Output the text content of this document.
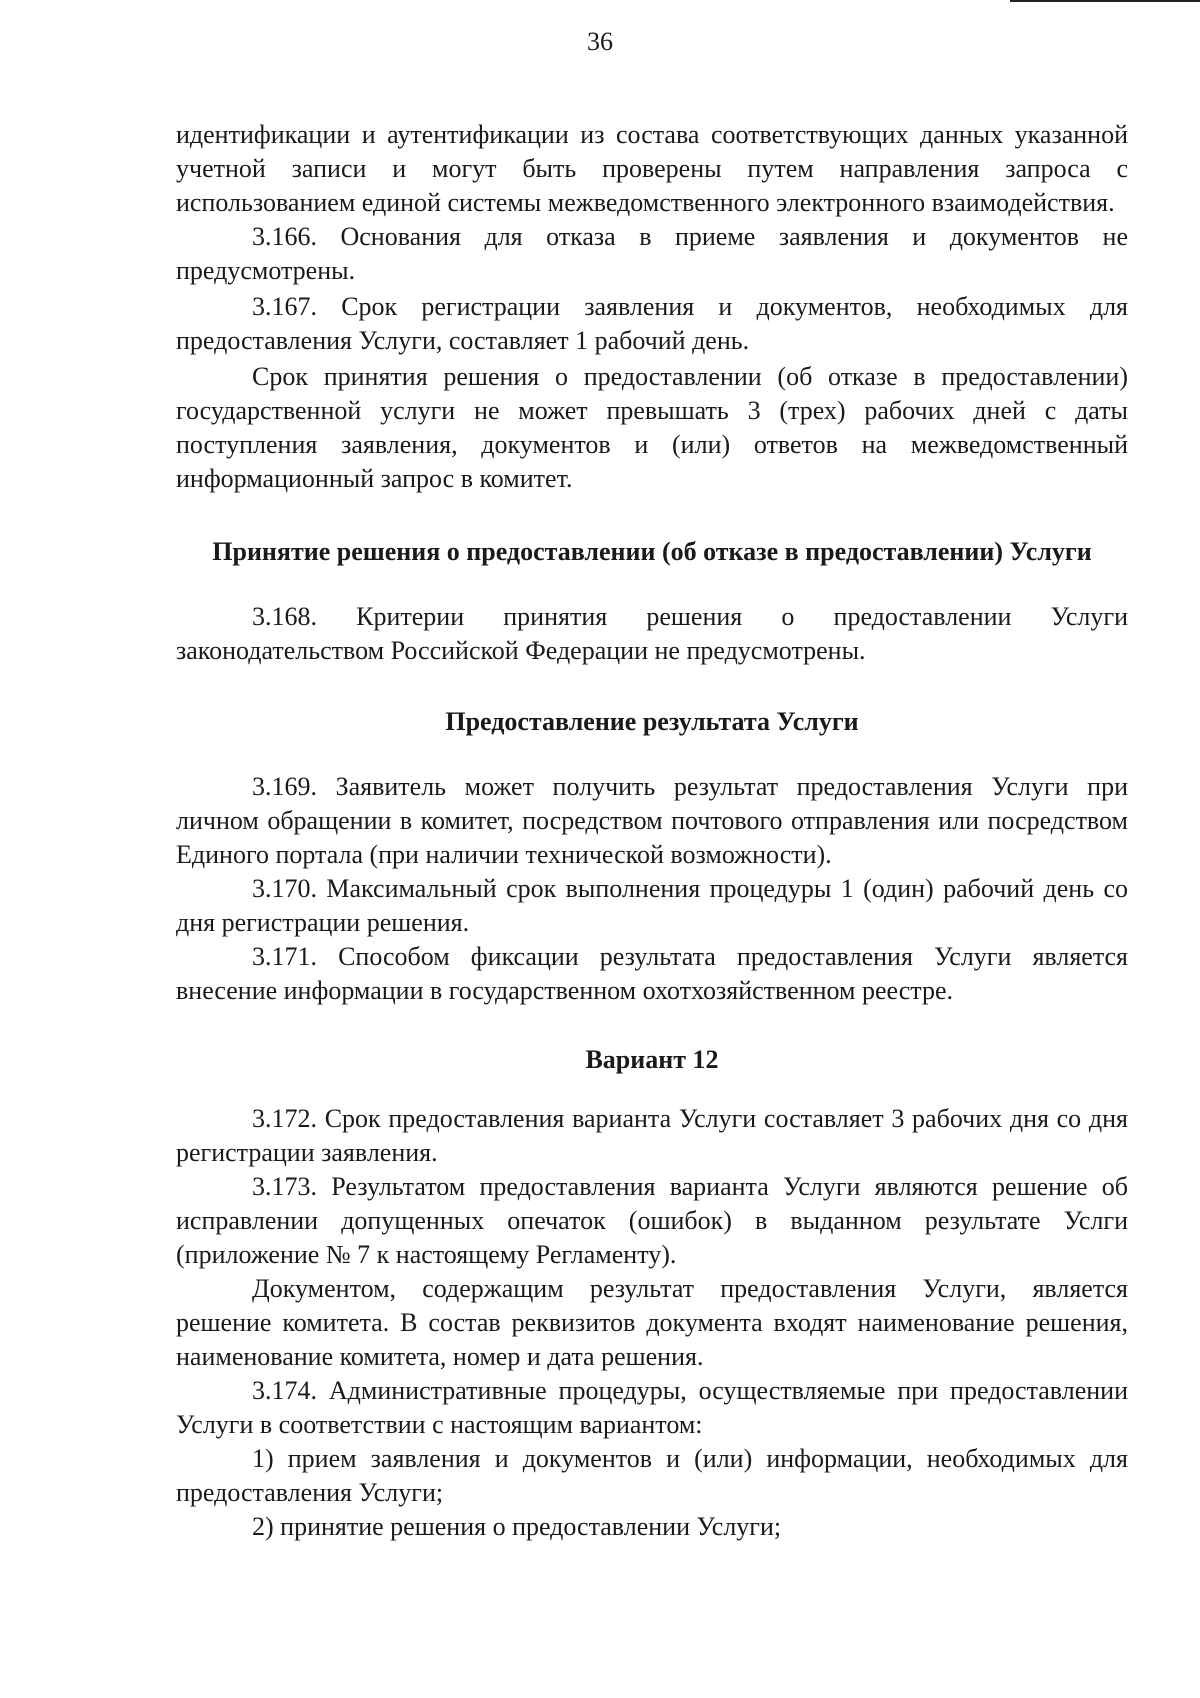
36

идентификации и аутентификации из состава соответствующих данных указанной учетной записи и могут быть проверены путем направления запроса с использованием единой системы межведомственного электронного взаимодействия.

3.166. Основания для отказа в приеме заявления и документов не предусмотрены.

3.167. Срок регистрации заявления и документов, необходимых для предоставления Услуги, составляет 1 рабочий день.

Срок принятия решения о предоставлении (об отказе в предоставлении) государственной услуги не может превышать 3 (трех) рабочих дней с даты поступления заявления, документов и (или) ответов на межведомственный информационный запрос в комитет.

Принятие решения о предоставлении (об отказе в предоставлении) Услуги

3.168. Критерии принятия решения о предоставлении Услуги законодательством Российской Федерации не предусмотрены.

Предоставление результата Услуги

3.169. Заявитель может получить результат предоставления Услуги при личном обращении в комитет, посредством почтового отправления или посредством Единого портала (при наличии технической возможности).

3.170. Максимальный срок выполнения процедуры 1 (один) рабочий день со дня регистрации решения.

3.171. Способом фиксации результата предоставления Услуги является внесение информации в государственном охотхозяйственном реестре.

Вариант 12

3.172. Срок предоставления варианта Услуги составляет 3 рабочих дня со дня регистрации заявления.

3.173. Результатом предоставления варианта Услуги являются решение об исправлении допущенных опечаток (ошибок) в выданном результате Услги (приложение № 7 к настоящему Регламенту).

Документом, содержащим результат предоставления Услуги, является решение комитета. В состав реквизитов документа входят наименование решения, наименование комитета, номер и дата решения.

3.174. Административные процедуры, осуществляемые при предоставлении Услуги в соответствии с настоящим вариантом:

1) прием заявления и документов и (или) информации, необходимых для предоставления Услуги;

2) принятие решения о предоставлении Услуги;
